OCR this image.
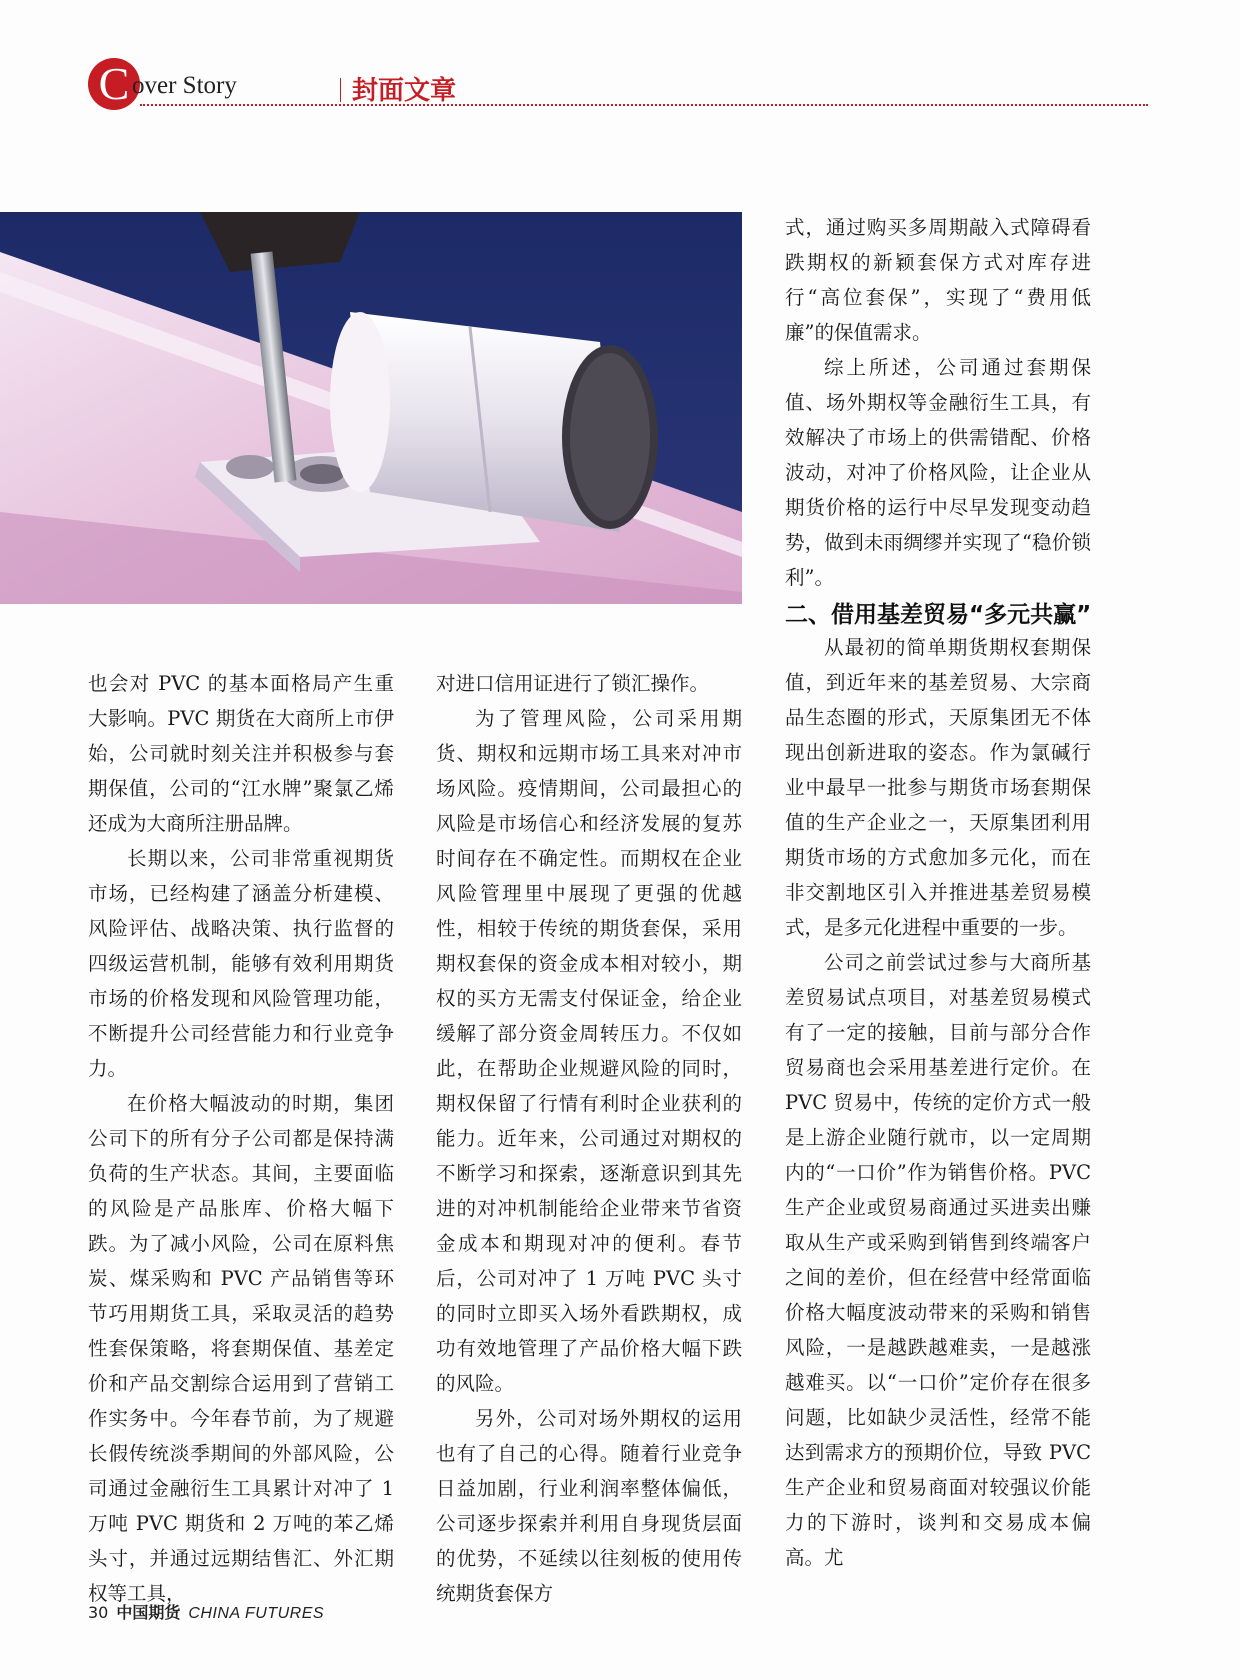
C over Story	封面文章

也会对 PVC 的基本面格局产生重大影响。PVC 期货在大商所上市伊始，公司就时刻关注并积极参与套期保值，公司的“江水牌”聚氯乙烯还成为大商所注册品牌。

长期以来，公司非常重视期货市场，已经构建了涵盖分析建模、风险评估、战略决策、执行监督的四级运营机制，能够有效利用期货市场的价格发现和风险管理功能，不断提升公司经营能力和行业竞争力。

在价格大幅波动的时期，集团公司下的所有分子公司都是保持满负荷的生产状态。其间，主要面临的风险是产品胀库、价格大幅下跌。为了减小风险，公司在原料焦炭、煤采购和 PVC 产品销售等环节巧用期货工具，采取灵活的趋势性套保策略，将套期保值、基差定价和产品交割综合运用到了营销工作实务中。今年春节前，为了规避长假传统淡季期间的外部风险，公司通过金融衍生工具累计对冲了 1 万吨 PVC 期货和 2 万吨的苯乙烯头寸，并通过远期结售汇、外汇期权等工具，

对进口信用证进行了锁汇操作。

为了管理风险，公司采用期货、期权和远期市场工具来对冲市场风险。疫情期间，公司最担心的风险是市场信心和经济发展的复苏时间存在不确定性。而期权在企业风险管理里中展现了更强的优越性，相较于传统的期货套保，采用期权套保的资金成本相对较小，期权的买方无需支付保证金，给企业缓解了部分资金周转压力。不仅如此，在帮助企业规避风险的同时，期权保留了行情有利时企业获利的能力。近年来，公司通过对期权的不断学习和探索，逐渐意识到其先进的对冲机制能给企业带来节省资金成本和期现对冲的便利。春节后，公司对冲了 1 万吨 PVC 头寸的同时立即买入场外看跌期权，成功有效地管理了产品价格大幅下跌的风险。

另外，公司对场外期权的运用也有了自己的心得。随着行业竞争日益加剧，行业利润率整体偏低，公司逐步探索并利用自身现货层面的优势，不延续以往刻板的使用传统期货套保方

式，通过购买多周期敲入式障碍看跌期权的新颖套保方式对库存进行“高位套保”，实现了“费用低廉”的保值需求。

综上所述，公司通过套期保值、场外期权等金融衍生工具，有效解决了市场上的供需错配、价格波动，对冲了价格风险，让企业从期货价格的运行中尽早发现变动趋势，做到未雨绸缪并实现了“稳价锁利”。

二、借用基差贸易“多元共赢”

从最初的简单期货期权套期保值，到近年来的基差贸易、大宗商品生态圈的形式，天原集团无不体现出创新进取的姿态。作为氯碱行业中最早一批参与期货市场套期保值的生产企业之一，天原集团利用期货市场的方式愈加多元化，而在非交割地区引入并推进基差贸易模式，是多元化进程中重要的一步。

公司之前尝试过参与大商所基差贸易试点项目，对基差贸易模式有了一定的接触，目前与部分合作贸易商也会采用基差进行定价。在 PVC 贸易中，传统的定价方式一般是上游企业随行就市，以一定周期内的“一口价”作为销售价格。PVC 生产企业或贸易商通过买进卖出赚取从生产或采购到销售到终端客户之间的差价，但在经营中经常面临价格大幅度波动带来的采购和销售风险，一是越跌越难卖，一是越涨越难买。以“一口价”定价存在很多问题，比如缺少灵活性，经常不能达到需求方的预期价位，导致 PVC 生产企业和贸易商面对较强议价能力的下游时，谈判和交易成本偏高。尤

30 中国期货 CHINA FUTURES
